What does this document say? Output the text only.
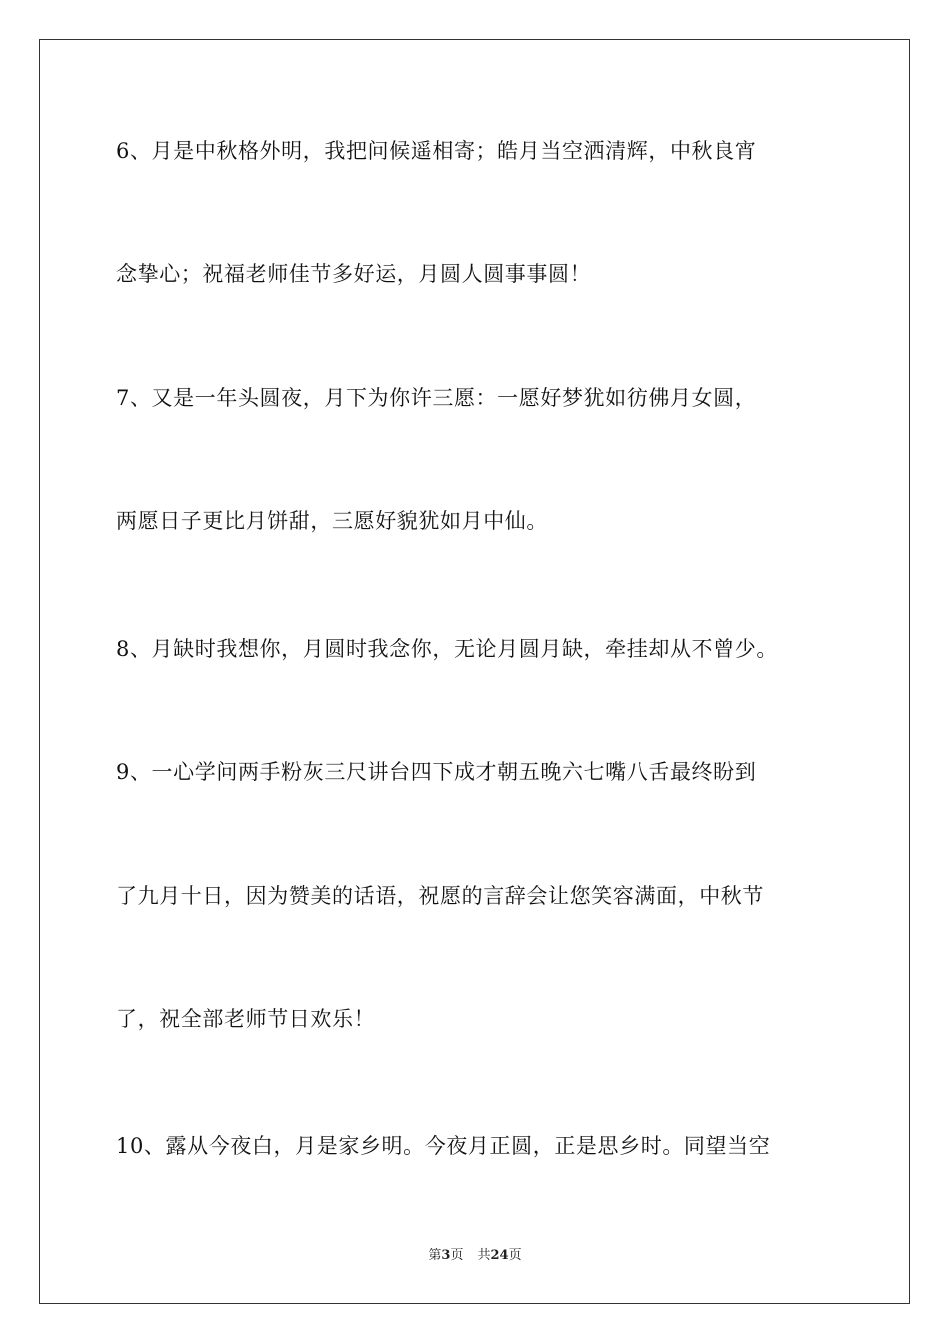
6、月是中秋格外明，我把问候遥相寄；皓月当空洒清辉，中秋良宵
念挚心；祝福老师佳节多好运，月圆人圆事事圆！
7、又是一年头圆夜，月下为你许三愿：一愿好梦犹如彷佛月女圆，
两愿日子更比月饼甜，三愿好貌犹如月中仙。
8、月缺时我想你，月圆时我念你，无论月圆月缺，牵挂却从不曾少。
9、一心学问两手粉灰三尺讲台四下成才朝五晚六七嘴八舌最终盼到
了九月十日，因为赞美的话语，祝愿的言辞会让您笑容满面，中秋节
了，祝全部老师节日欢乐！
10、露从今夜白，月是家乡明。今夜月正圆，正是思乡时。同望当空
第3页 共24页
